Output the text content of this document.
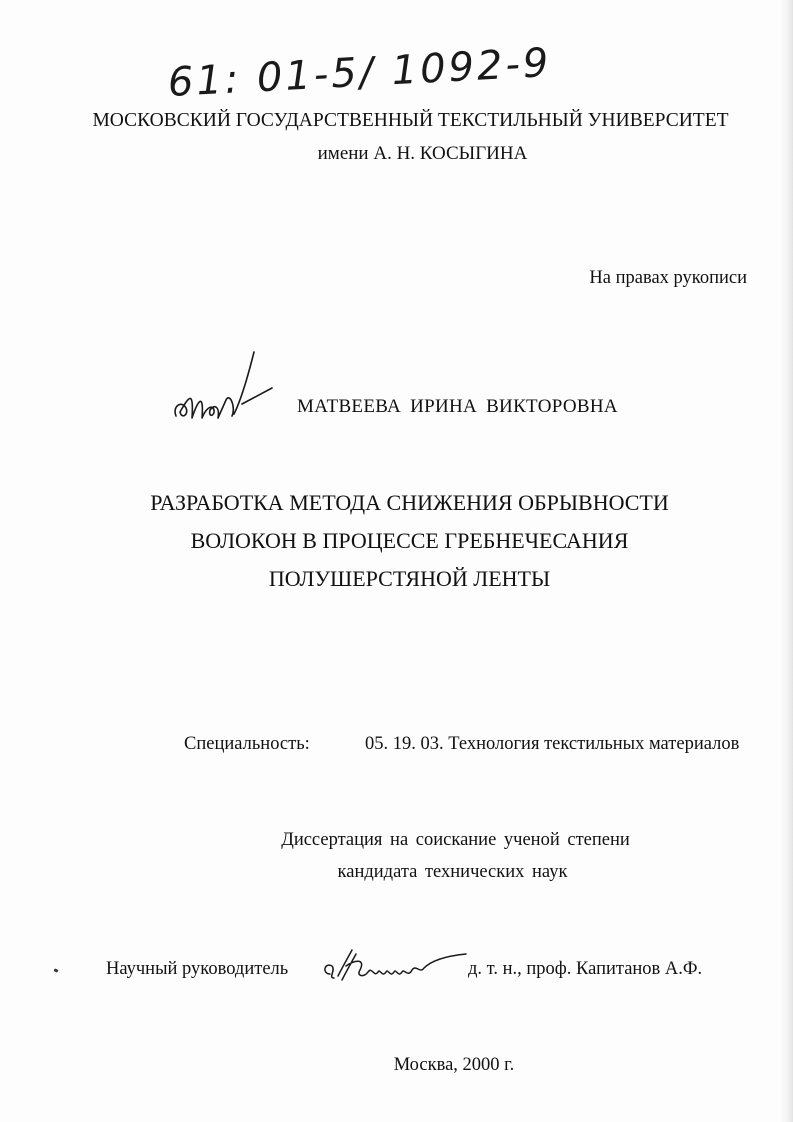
61: 01-5/ 1092-9

МОСКОВСКИЙ ГОСУДАРСТВЕННЫЙ ТЕКСТИЛЬНЫЙ УНИВЕРСИТЕТ

имени А. Н. КОСЫГИНА

На правах рукописи

МАТВЕЕВА ИРИНА ВИКТОРОВНА

РАЗРАБОТКА МЕТОДА СНИЖЕНИЯ ОБРЫВНОСТИ

ВОЛОКОН В ПРОЦЕССЕ ГРЕБНЕЧЕСАНИЯ

ПОЛУШЕРСТЯНОЙ ЛЕНТЫ

Специальность:	05. 19. 03. Технология текстильных материалов

Диссертация на соискание ученой степени

кандидата технических наук

Научный руководитель	д. т. н., проф. Капитанов А.Ф.

Москва, 2000 г.
